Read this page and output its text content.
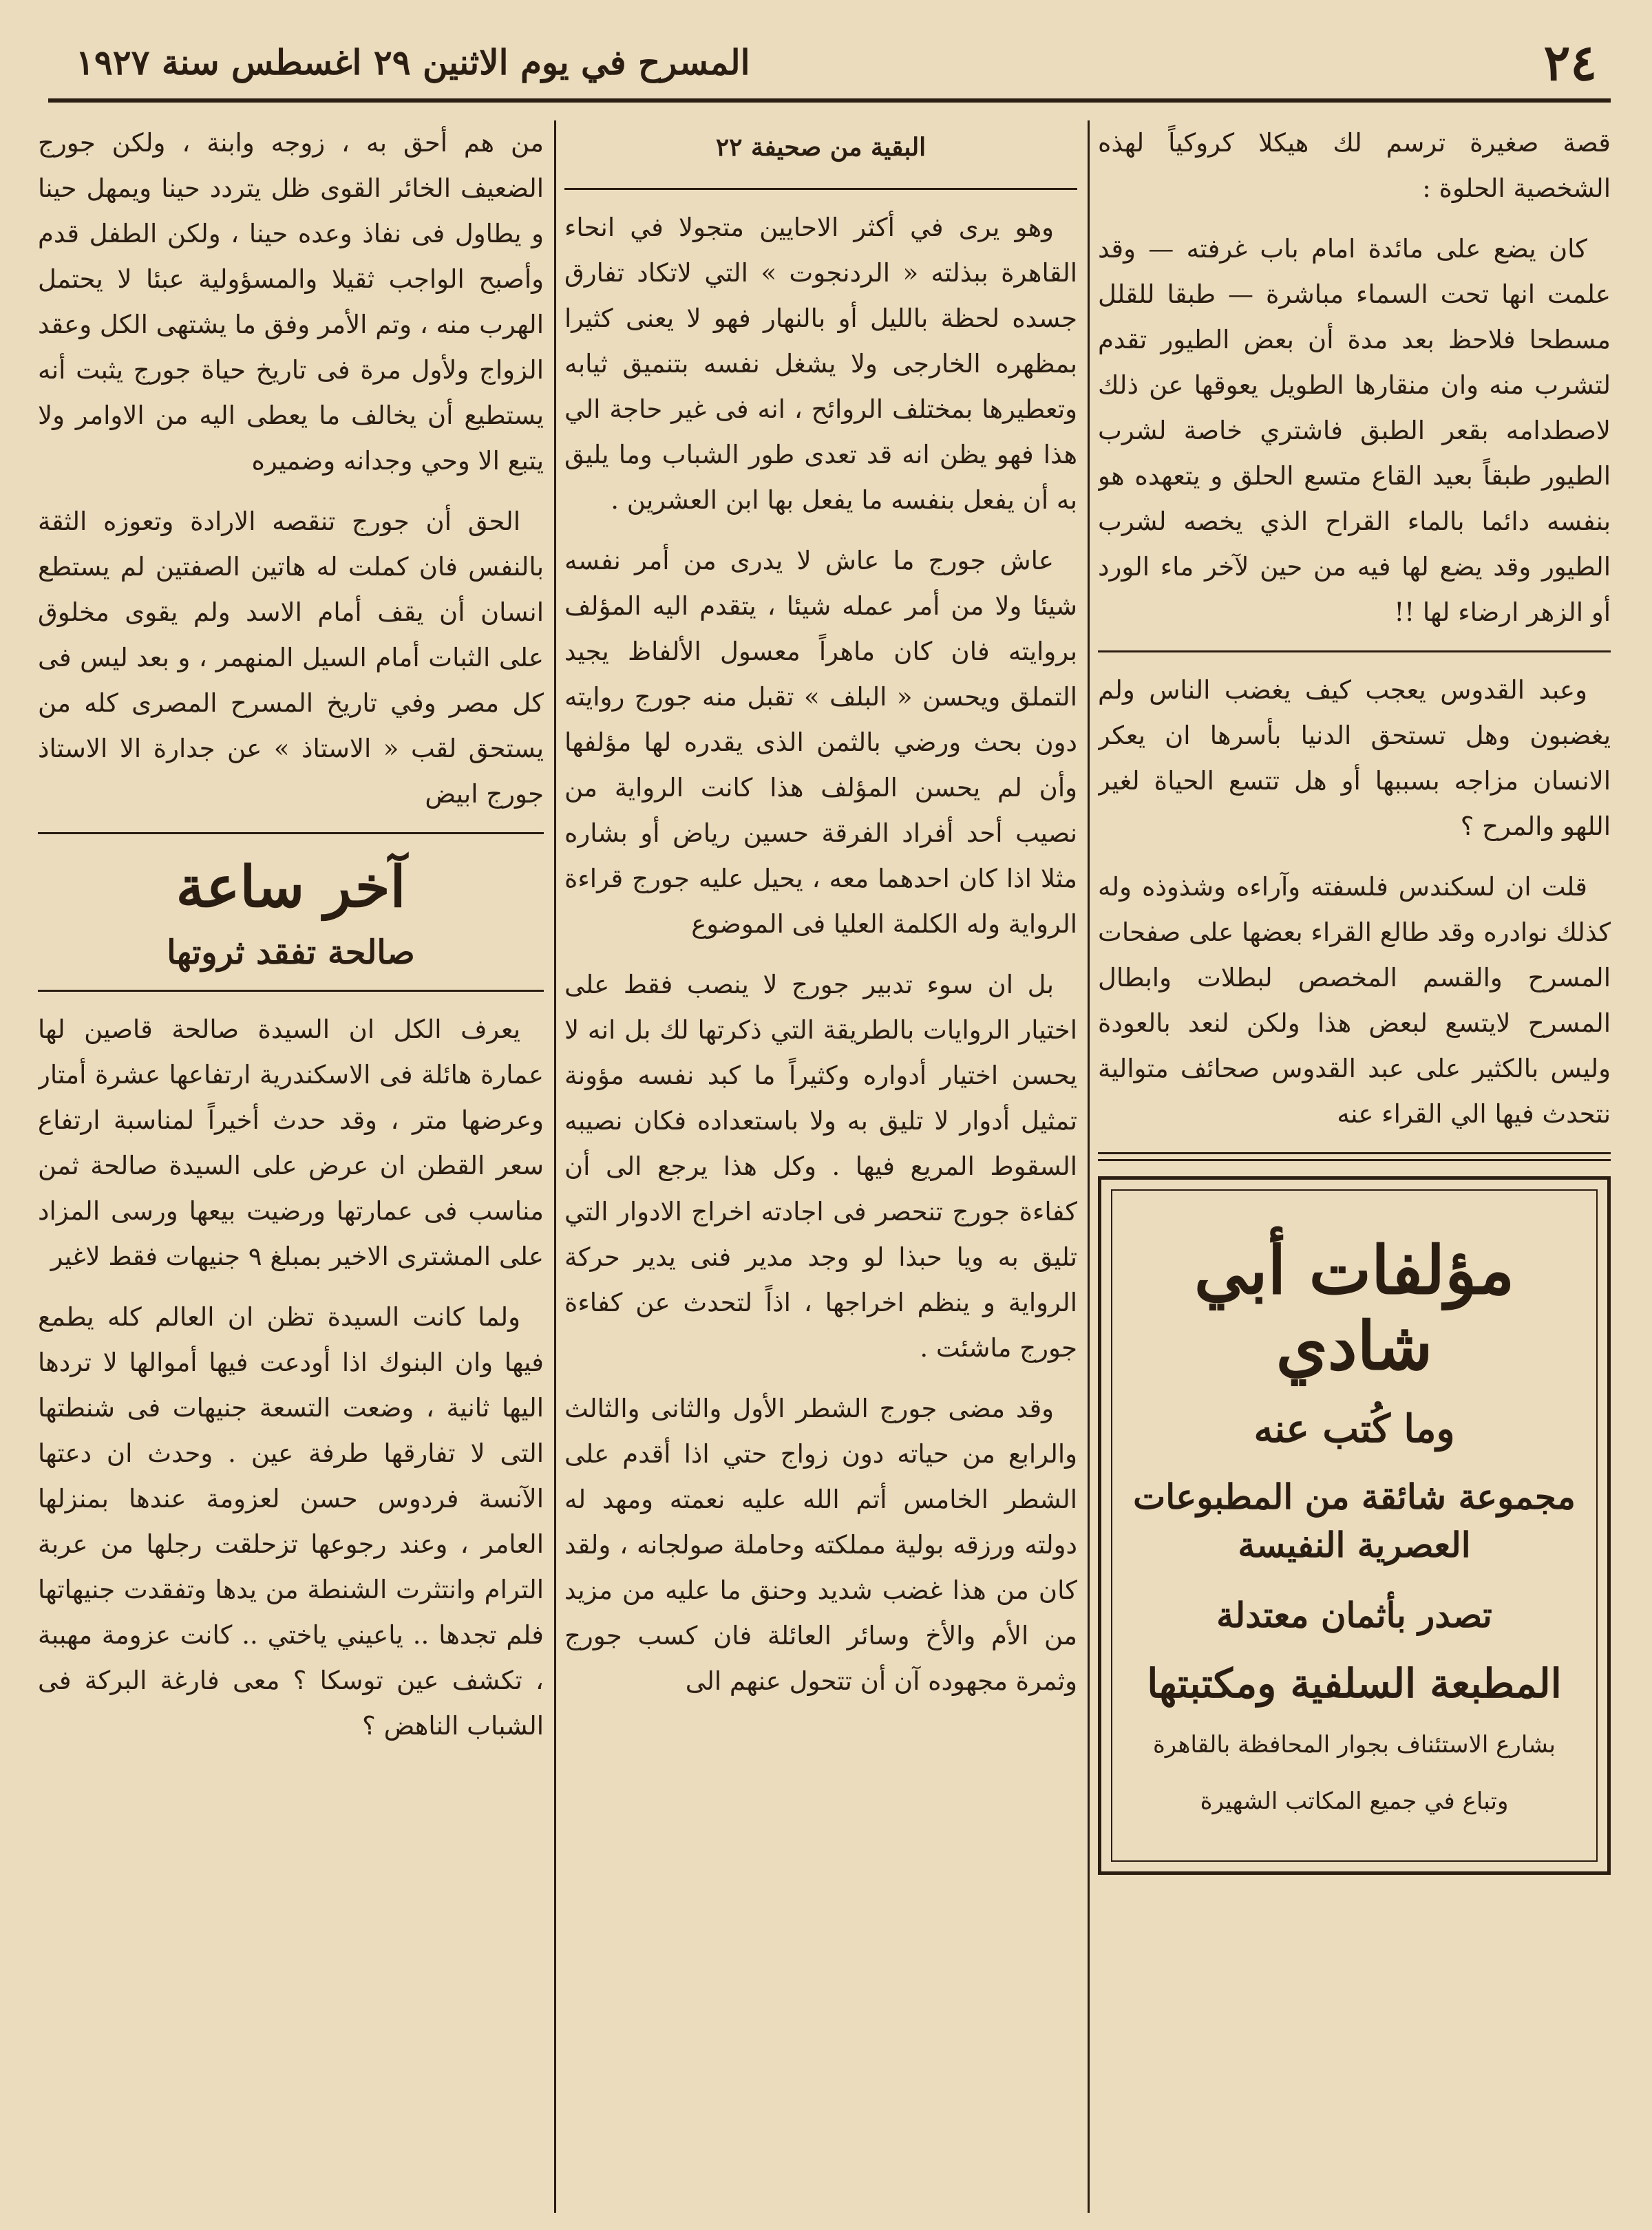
٢٤
المسرح في يوم الاثنين ٢٩ اغسطس سنة ١٩٢٧

قصة صغيرة ترسم لك هيكلا كروكياً لهذه الشخصية الحلوة :

كان يضع على مائدة امام باب غرفته — وقد علمت انها تحت السماء مباشرة — طبقا للقلل مسطحا فلاحظ بعد مدة أن بعض الطيور تقدم لتشرب منه وان منقارها الطويل يعوقها عن ذلك لاصطدامه بقعر الطبق فاشتري خاصة لشرب الطيور طبقاً بعيد القاع متسع الحلق و يتعهده هو بنفسه دائما بالماء القراح الذي يخصه لشرب الطيور وقد يضع لها فيه من حين لآخر ماء الورد أو الزهر ارضاء لها !!

وعبد القدوس يعجب كيف يغضب الناس ولم يغضبون وهل تستحق الدنيا بأسرها ان يعكر الانسان مزاجه بسببها أو هل تتسع الحياة لغير اللهو والمرح ؟

قلت ان لسكندس فلسفته وآراءه وشذوذه وله كذلك نوادره وقد طالع القراء بعضها على صفحات المسرح والقسم المخصص لبطلات وابطال المسرح لايتسع لبعض هذا ولكن لنعد بالعودة وليس بالكثير على عبد القدوس صحائف متوالية نتحدث فيها الي القراء عنه

مؤلفات أبي شادي
وما كُتب عنه
مجموعة شائقة من المطبوعات العصرية النفيسة
تصدر بأثمان معتدلة
المطبعة السلفية ومكتبتها
بشارع الاستئناف بجوار المحافظة بالقاهرة
وتباع في جميع المكاتب الشهيرة
البقية من صحيفة ٢٢

وهو يرى في أكثر الاحايين متجولا في انحاء القاهرة ببذلته « الردنجوت » التي لاتكاد تفارق جسده لحظة بالليل أو بالنهار فهو لا يعنى كثيرا بمظهره الخارجى ولا يشغل نفسه بتنميق ثيابه وتعطيرها بمختلف الروائح ، انه فى غير حاجة الي هذا فهو يظن انه قد تعدى طور الشباب وما يليق به أن يفعل بنفسه ما يفعل بها ابن العشرين .

عاش جورج ما عاش لا يدرى من أمر نفسه شيئا ولا من أمر عمله شيئا ، يتقدم اليه المؤلف بروايته فان كان ماهراً معسول الألفاظ يجيد التملق ويحسن « البلف » تقبل منه جورج روايته دون بحث ورضي بالثمن الذى يقدره لها مؤلفها وأن لم يحسن المؤلف هذا كانت الرواية من نصيب أحد أفراد الفرقة حسين رياض أو بشاره مثلا اذا كان احدهما معه ، يحيل عليه جورج قراءة الرواية وله الكلمة العليا فى الموضوع

بل ان سوء تدبير جورج لا ينصب فقط على اختيار الروايات بالطريقة التي ذكرتها لك بل انه لا يحسن اختيار أدواره وكثيراً ما كبد نفسه مؤونة تمثيل أدوار لا تليق به ولا باستعداده فكان نصيبه السقوط المريع فيها . وكل هذا يرجع الى أن كفاءة جورج تنحصر فى اجادته اخراج الادوار التي تليق به ويا حبذا لو وجد مدير فنى يدير حركة الرواية و ينظم اخراجها ، اذاً لتحدث عن كفاءة جورج ماشئت .

وقد مضى جورج الشطر الأول والثانى والثالث والرابع من حياته دون زواج حتي اذا أقدم على الشطر الخامس أتم الله عليه نعمته ومهد له دولته ورزقه بولية مملكته وحاملة صولجانه ، ولقد كان من هذا غضب شديد وحنق ما عليه من مزيد من الأم والأخ وسائر العائلة فان كسب جورج وثمرة مجهوده آن أن تتحول عنهم الى

من هم أحق به ، زوجه وابنة ، ولكن جورج الضعيف الخائر القوى ظل يتردد حينا ويمهل حينا و يطاول فى نفاذ وعده حينا ، ولكن الطفل قدم وأصبح الواجب ثقيلا والمسؤولية عبئا لا يحتمل الهرب منه ، وتم الأمر وفق ما يشتهى الكل وعقد الزواج ولأول مرة فى تاريخ حياة جورج يثبت أنه يستطيع أن يخالف ما يعطى اليه من الاوامر ولا يتبع الا وحي وجدانه وضميره

الحق أن جورج تنقصه الارادة وتعوزه الثقة بالنفس فان كملت له هاتين الصفتين لم يستطع انسان أن يقف أمام الاسد ولم يقوى مخلوق على الثبات أمام السيل المنهمر ، و بعد ليس فى كل مصر وفي تاريخ المسرح المصرى كله من يستحق لقب « الاستاذ » عن جدارة الا الاستاذ جورج ابيض

آخر ساعة
صالحة تفقد ثروتها

يعرف الكل ان السيدة صالحة قاصين لها عمارة هائلة فى الاسكندرية ارتفاعها عشرة أمتار وعرضها متر ، وقد حدث أخيراً لمناسبة ارتفاع سعر القطن ان عرض على السيدة صالحة ثمن مناسب فى عمارتها ورضيت بيعها ورسى المزاد على المشترى الاخير بمبلغ ٩ جنيهات فقط لاغير

ولما كانت السيدة تظن ان العالم كله يطمع فيها وان البنوك اذا أودعت فيها أموالها لا تردها اليها ثانية ، وضعت التسعة جنيهات فى شنطتها التى لا تفارقها طرفة عين . وحدث ان دعتها الآنسة فردوس حسن لعزومة عندها بمنزلها العامر ، وعند رجوعها تزحلقت رجلها من عربة الترام وانتثرت الشنطة من يدها وتفقدت جنيهاتها فلم تجدها .. ياعيني ياختي .. كانت عزومة مهببة ، تكشف عين توسكا ؟ معى فارغة البركة فى الشباب الناهض ؟
